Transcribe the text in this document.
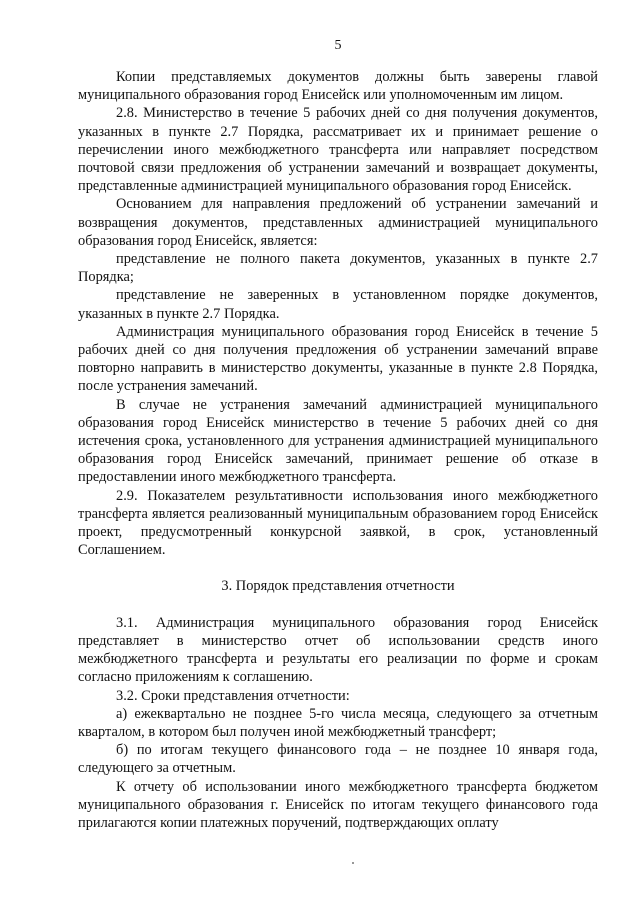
5

Копии представляемых документов должны быть заверены главой муниципального образования город Енисейск или уполномоченным им лицом.

2.8. Министерство в течение 5 рабочих дней со дня получения документов, указанных в пункте 2.7 Порядка, рассматривает их и принимает решение о перечислении иного межбюджетного трансферта или направляет посредством почтовой связи предложения об устранении замечаний и возвращает документы, представленные администрацией муниципального образования город Енисейск.

Основанием для направления предложений об устранении замечаний и возвращения документов, представленных администрацией муниципального образования город Енисейск, является:

представление не полного пакета документов, указанных в пункте 2.7 Порядка;

представление не заверенных в установленном порядке документов, указанных в пункте 2.7 Порядка.

Администрация муниципального образования город Енисейск в течение 5 рабочих дней со дня получения предложения об устранении замечаний вправе повторно направить в министерство документы, указанные в пункте 2.8 Порядка, после устранения замечаний.

В случае не устранения замечаний администрацией муниципального образования город Енисейск министерство в течение 5 рабочих дней со дня истечения срока, установленного для устранения администрацией муниципального образования город Енисейск замечаний, принимает решение об отказе в предоставлении иного межбюджетного трансферта.

2.9. Показателем результативности использования иного межбюджетного трансферта является реализованный муниципальным образованием город Енисейск проект, предусмотренный конкурсной заявкой, в срок, установленный Соглашением.

3. Порядок представления отчетности

3.1. Администрация муниципального образования город Енисейск представляет в министерство отчет об использовании средств иного межбюджетного трансферта и результаты его реализации по форме и срокам согласно приложениям к соглашению.

3.2. Сроки представления отчетности:

а) ежеквартально не позднее 5-го числа месяца, следующего за отчетным кварталом, в котором был получен иной межбюджетный трансферт;

б) по итогам текущего финансового года – не позднее 10 января года, следующего за отчетным.

К отчету об использовании иного межбюджетного трансферта бюджетом муниципального образования г. Енисейск по итогам текущего финансового года прилагаются копии платежных поручений, подтверждающих оплату
